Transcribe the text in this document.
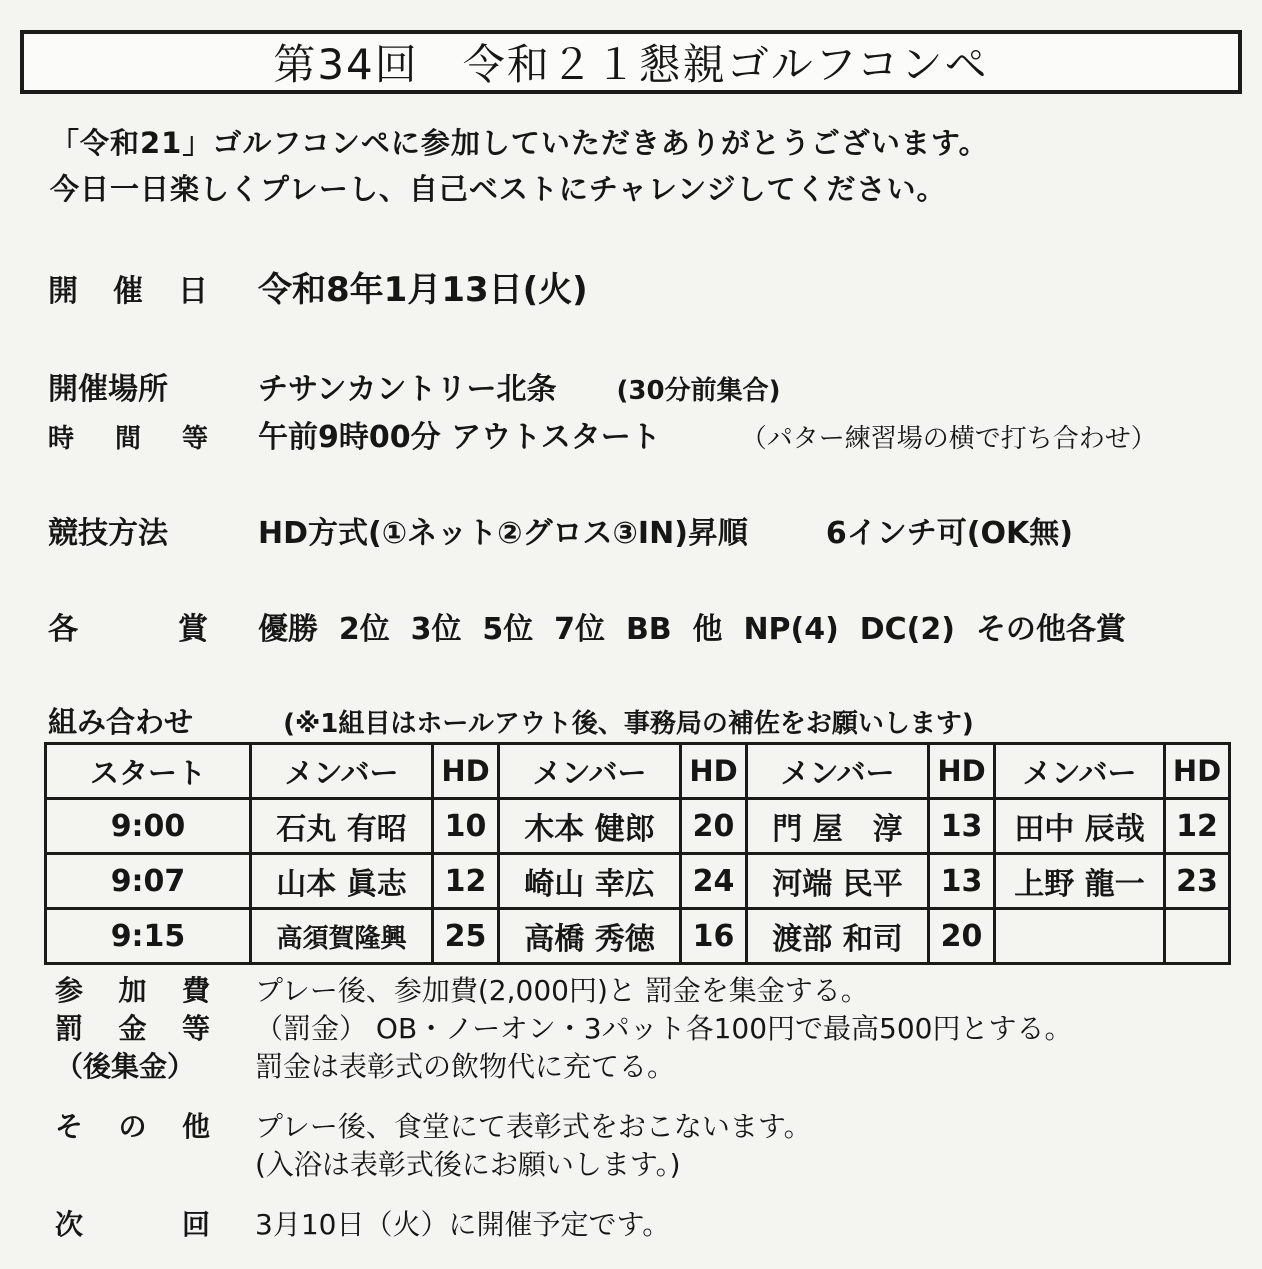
第34回　令和２１懇親ゴルフコンペ
「令和21」ゴルフコンペに参加していただきありがとうございます。
今日一日楽しくプレーし、自己ベストにチャレンジしてください。
開 催 日 令和8年1月13日(火)
開催場所	チサンカントリー北条 (30分前集合)
時 間 等 午前9時00分 アウトスタート	（パター練習場の横で打ち合わせ）
競技方法	HD方式(①ネット②グロス③IN)昇順	6インチ可(OK無)
各	賞 優勝  2位  3位  5位  7位  BB  他  NP(4)  DC(2)  その他各賞
組み合わせ	(※1組目はホールアウト後、事務局の補佐をお願いします)
スタート	メンバー	HD	メンバー	HD	メンバー	HD	メンバー	HD
9:00	石丸 有昭	10	木本 健郎	20	門 屋　淳	13	田中 辰哉	12
9:07	山本 眞志	12	崎山 幸広	24	河端 民平	13	上野 龍一	23
9:15	高須賀隆興	25	高橋 秀徳	16	渡部 和司	20		
参 加 費 プレー後、参加費(2,000円)と 罰金を集金する。
罰 金 等 （罰金） OB・ノーオン・3パット各100円で最高500円とする。
（後集金） 罰金は表彰式の飲物代に充てる。
そ の 他 プレー後、食堂にて表彰式をおこないます。
(入浴は表彰式後にお願いします。)
次	回 3月10日（火）に開催予定です。
